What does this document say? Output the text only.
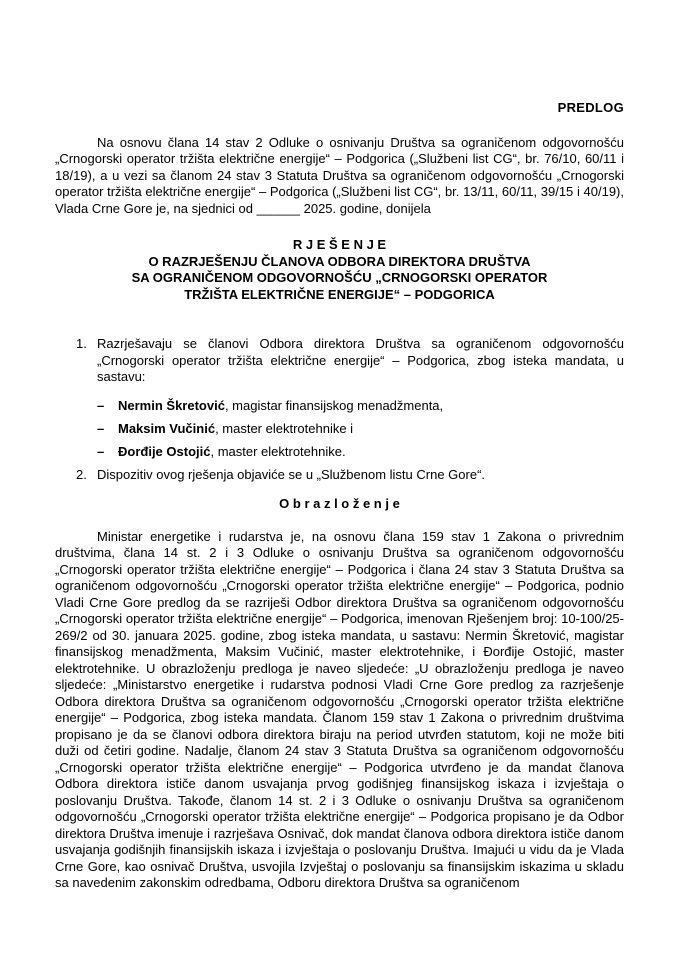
PREDLOG

Na osnovu člana 14 stav 2 Odluke o osnivanju Društva sa ograničenom odgovornošću „Crnogorski operator tržišta električne energije“ – Podgorica („Službeni list CG“, br. 76/10, 60/11 i 18/19), a u vezi sa članom 24 stav 3 Statuta Društva sa ograničenom odgovornošću „Crnogorski operator tržišta električne energije“ – Podgorica („Službeni list CG“, br. 13/11, 60/11, 39/15 i 40/19), Vlada Crne Gore je, na sjednici od ______ 2025. godine, donijela

R J E Š E N J E
O RAZRJEŠENJU ČLANOVA ODBORA DIREKTORA DRUŠTVA
SA OGRANIČENOM ODGOVORNOŠĆU „CRNOGORSKI OPERATOR
TRŽIŠTA ELEKTRIČNE ENERGIJE“ – PODGORICA
1. Razrješavaju se članovi Odbora direktora Društva sa ograničenom odgovornošću „Crnogorski operator tržišta električne energije“ – Podgorica, zbog isteka mandata, u sastavu:
– Nermin Škretović, magistar finansijskog menadžmenta,
– Maksim Vučinić, master elektrotehnike i
– Đorđije Ostojić, master elektrotehnike.
2. Dispozitiv ovog rješenja objaviće se u „Službenom listu Crne Gore“.
O b r a z l o ž e n j e

Ministar energetike i rudarstva je, na osnovu člana 159 stav 1 Zakona o privrednim društvima, člana 14 st. 2 i 3 Odluke o osnivanju Društva sa ograničenom odgovornošću „Crnogorski operator tržišta električne energije“ – Podgorica i člana 24 stav 3 Statuta Društva sa ograničenom odgovornošću „Crnogorski operator tržišta električne energije“ – Podgorica, podnio Vladi Crne Gore predlog da se razriješi Odbor direktora Društva sa ograničenom odgovornošću „Crnogorski operator tržišta električne energije“ – Podgorica, imenovan Rješenjem broj: 10-100/25-269/2 od 30. januara 2025. godine, zbog isteka mandata, u sastavu: Nermin Škretović, magistar finansijskog menadžmenta, Maksim Vučinić, master elektrotehnike, i Đorđije Ostojić, master elektrotehnike. U obrazloženju predloga je naveo sljedeće: „U obrazloženju predloga je naveo sljedeće: „Ministarstvo energetike i rudarstva podnosi Vladi Crne Gore predlog za razrješenje Odbora direktora Društva sa ograničenom odgovornošću „Crnogorski operator tržišta električne energije“ – Podgorica, zbog isteka mandata. Članom 159 stav 1 Zakona o privrednim društvima propisano je da se članovi odbora direktora biraju na period utvrđen statutom, koji ne može biti duži od četiri godine. Nadalje, članom 24 stav 3 Statuta Društva sa ograničenom odgovornošću „Crnogorski operator tržišta električne energije“ – Podgorica utvrđeno je da mandat članova Odbora direktora ističe danom usvajanja prvog godišnjeg finansijskog iskaza i izvještaja o poslovanju Društva. Takođe, članom 14 st. 2 i 3 Odluke o osnivanju Društva sa ograničenom odgovornošću „Crnogorski operator tržišta električne energije“ – Podgorica propisano je da Odbor direktora Društva imenuje i razrješava Osnivač, dok mandat članova odbora direktora ističe danom usvajanja godišnjih finansijskih iskaza i izvještaja o poslovanju Društva. Imajući u vidu da je Vlada Crne Gore, kao osnivač Društva, usvojila Izvještaj o poslovanju sa finansijskim iskazima u skladu sa navedenim zakonskim odredbama, Odboru direktora Društva sa ograničenom
